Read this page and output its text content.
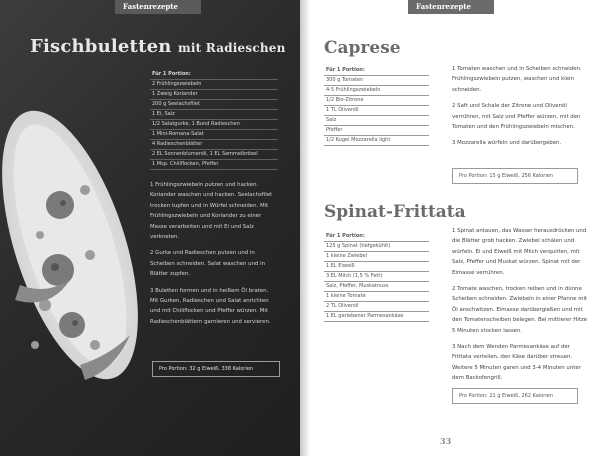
Fastenrezepte
Fischbuletten mit Radieschen
Für 1 Portion:
2 Frühlingszwiebeln
1 Zweig Koriander
200 g Seelachsfilet
1 Ei, Salz
1/2 Salatgurke, 1 Bund Radieschen
1 Mini-Romana-Salat
4 Radieschenblätter
2 EL Sonnenblumenöl, 1 EL Semmelbrösel
1 Msp. Chiliflocken, Pfeffer
1 Frühlingszwiebeln putzen und hacken. Koriander waschen und hacken. Seelachsfilet trocken tupfen und in Würfel schneiden. Mit Frühlingszwiebeln und Koriander zu einer Masse verarbeiten und mit Ei und Salz verkneten.
2 Gurke und Radieschen putzen und in Scheiben schneiden. Salat waschen und in Blätter zupfen.
3 Buletten formen und in heißem Öl braten. Mit Gurken, Radieschen und Salat anrichten und mit Chiliflocken und Pfeffer würzen. Mit Radieschenblättern garnieren und servieren.
Pro Portion: 32 g Eiweiß, 338 Kalorien
Fastenrezepte
Caprese
Für 1 Portion:
300 g Tomaten
4-5 Frühlingszwiebeln
1/2 Bio-Zitrone
1 TL Olivenöl
Salz
Pfeffer
1/2 Kugel Mozzarella light
1 Tomaten waschen und in Scheiben schneiden. Frühlingszwiebeln putzen, waschen und klein schneiden.
2 Saft und Schale der Zitrone und Olivenöl verrühren, mit Salz und Pfeffer würzen, mit den Tomaten und den Frühlingszwiebeln mischen.
3 Mozzarella würfeln und darübergeben.
Pro Portion: 15 g Eiweiß, 256 Kalorien
Spinat-Frittata
Für 1 Portion:
125 g Spinat (tiefgekühlt)
1 kleine Zwiebel
1 EL Eiweiß
3 EL Milch (1,5 % Fett)
Salz, Pfeffer, Muskatnuss
1 kleine Tomate
2 TL Olivenöl
1 EL geriebener Parmesankäse
1 Spinat antauen, das Wasser herausdrücken und die Blätter grob hacken. Zwiebel schälen und würfeln. Ei und Eiweiß mit Milch verquirlen, mit Salz, Pfeffer und Muskat würzen. Spinat mit der Eimasse verrühren.
2 Tomate waschen, trocken reiben und in dünne Scheiben schneiden. Zwiebeln in einer Pfanne mit Öl anschwitzen. Eimasse darübergießen und mit den Tomatenscheiben belegen. Bei mittlerer Hitze 5 Minuten stocken lassen.
3 Nach dem Wenden Parmesankäse auf der Frittata verteilen, den Käse darüber streuen. Weitere 5 Minuten garen und 3-4 Minuten unter dem Backofengrill.
Pro Portion: 21 g Eiweiß, 262 Kalorien
33
